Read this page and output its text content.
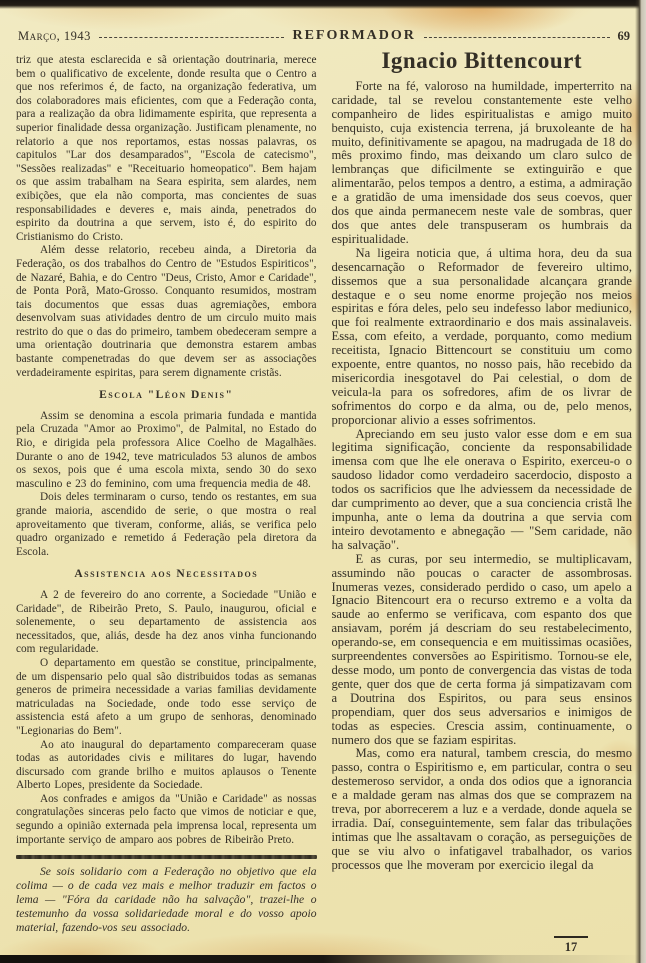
Março, 1943	REFORMADOR	69

triz que atesta esclarecida e sã orientação doutrinaria, merece bem o qualificativo de excelente, donde resulta que o Centro a que nos referimos é, de facto, na organização federativa, um dos colaboradores mais eficientes, com que a Federação conta, para a realização da obra lidimamente espirita, que representa a superior finalidade dessa organização. Justificam plenamente, no relatorio a que nos reportamos, estas nossas palavras, os capitulos "Lar dos desamparados", "Escola de catecismo", "Sessões realizadas" e "Receituario homeopatico". Bem hajam os que assim trabalham na Seara espirita, sem alardes, nem exibições, que ela não comporta, mas concientes de suas responsabilidades e deveres e, mais ainda, penetrados do espirito da doutrina a que servem, isto é, do espirito do Cristianismo do Cristo.

Além desse relatorio, recebeu ainda, a Diretoria da Federação, os dos trabalhos do Centro de "Estudos Espiriticos", de Nazaré, Bahia, e do Centro "Deus, Cristo, Amor e Caridade", de Ponta Porã, Mato-Grosso. Conquanto resumidos, mostram tais documentos que essas duas agremiações, embora desenvolvam suas atividades dentro de um circulo muito mais restrito do que o das do primeiro, tambem obedeceram sempre a uma orientação doutrinaria que demonstra estarem ambas bastante compenetradas do que devem ser as associações verdadeiramente espiritas, para serem dignamente cristãs.

Escola "Léon Denis"

Assim se denomina a escola primaria fundada e mantida pela Cruzada "Amor ao Proximo", de Palmital, no Estado do Rio, e dirigida pela professora Alice Coelho de Magalhães. Durante o ano de 1942, teve matriculados 53 alunos de ambos os sexos, pois que é uma escola mixta, sendo 30 do sexo masculino e 23 do feminino, com uma frequencia media de 48.

Dois deles terminaram o curso, tendo os restantes, em sua grande maioria, ascendido de serie, o que mostra o real aproveitamento que tiveram, conforme, aliás, se verifica pelo quadro organizado e remetido á Federação pela diretora da Escola.

Assistencia aos Necessitados

A 2 de fevereiro do ano corrente, a Sociedade "União e Caridade", de Ribeirão Preto, S. Paulo, inaugurou, oficial e solenemente, o seu departamento de assistencia aos necessitados, que, aliás, desde ha dez anos vinha funcionando com regularidade.

O departamento em questão se constitue, principalmente, de um dispensario pelo qual são distribuidos todas as semanas generos de primeira necessidade a varias familias devidamente matriculadas na Sociedade, onde todo esse serviço de assistencia está afeto a um grupo de senhoras, denominado "Legionarias do Bem".

Ao ato inaugural do departamento compareceram quase todas as autoridades civis e militares do lugar, havendo discursado com grande brilho e muitos aplausos o Tenente Alberto Lopes, presidente da Sociedade.

Aos confrades e amigos da "União e Caridade" as nossas congratulações sinceras pelo facto que vimos de noticiar e que, segundo a opinião externada pela imprensa local, representa um importante serviço de amparo aos pobres de Ribeirão Preto.

Se sois solidario com a Federação no objetivo que ela colima — o de cada vez mais e melhor traduzir em factos o lema — "Fóra da caridade não ha salvação", trazei-lhe o testemunho da vossa solidariedade moral e do vosso apoio material, fazendo-vos seu associado.

Ignacio Bittencourt

Forte na fé, valoroso na humildade, imperterrito na caridade, tal se revelou constantemente este velho companheiro de lides espiritualistas e amigo muito benquisto, cuja existencia terrena, já bruxoleante de ha muito, definitivamente se apagou, na madrugada de 18 do mês proximo findo, mas deixando um claro sulco de lembranças que dificilmente se extinguirão e que alimentarão, pelos tempos a dentro, a estima, a admiração e a gratidão de uma imensidade dos seus coevos, quer dos que ainda permanecem neste vale de sombras, quer dos que antes dele transpuseram os humbrais da espiritualidade.

Na ligeira noticia que, á ultima hora, deu da sua desencarnação o Reformador de fevereiro ultimo, dissemos que a sua personalidade alcançara grande destaque e o seu nome enorme projeção nos meios espiritas e fóra deles, pelo seu indefesso labor mediunico, que foi realmente extraordinario e dos mais assinalaveis. Essa, com efeito, a verdade, porquanto, como medium receitista, Ignacio Bittencourt se constituiu um como expoente, entre quantos, no nosso pais, hão recebido da misericordia inesgotavel do Pai celestial, o dom de veicula-la para os sofredores, afim de os livrar de sofrimentos do corpo e da alma, ou de, pelo menos, proporcionar alivio a esses sofrimentos.

Apreciando em seu justo valor esse dom e em sua legitima significação, conciente da responsabilidade imensa com que lhe ele onerava o Espirito, exerceu-o o saudoso lidador como verdadeiro sacerdocio, disposto a todos os sacrificios que lhe adviessem da necessidade de dar cumprimento ao dever, que a sua conciencia cristã lhe impunha, ante o lema da doutrina a que servia com inteiro devotamento e abnegação — "Sem caridade, não ha salvação".

E as curas, por seu intermedio, se multiplicavam, assumindo não poucas o caracter de assombrosas. Inumeras vezes, considerado perdido o caso, um apelo a Ignacio Bitencourt era o recurso extremo e a volta da saude ao enfermo se verificava, com espanto dos que ansiavam, porém já descriam do seu restabelecimento, operando-se, em consequencia e em muitissimas ocasiões, surpreendentes conversões ao Espiritismo. Tornou-se ele, desse modo, um ponto de convergencia das vistas de toda gente, quer dos que de certa forma já simpatizavam com a Doutrina dos Espiritos, ou para seus ensinos propendiam, quer dos seus adversarios e inimigos de todas as especies. Crescia assim, continuamente, o numero dos que se faziam espiritas.

Mas, como era natural, tambem crescia, do mesmo passo, contra o Espiritismo e, em particular, contra o seu destemeroso servidor, a onda dos odios que a ignorancia e a maldade geram nas almas dos que se comprazem na treva, por aborrecerem a luz e a verdade, donde aquela se irradia. Daí, conseguintemente, sem falar das tribulações intimas que lhe assaltavam o coração, as perseguições de que se viu alvo o infatigavel trabalhador, os varios processos que lhe moveram por exercicio ilegal da

17
